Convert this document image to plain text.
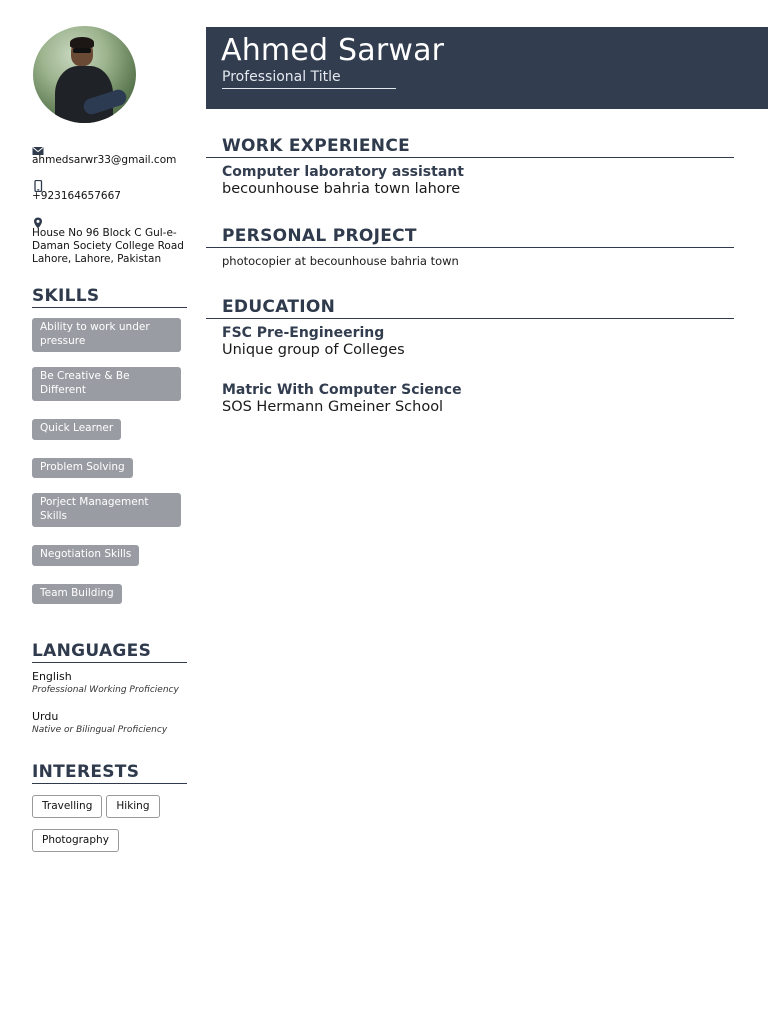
Ahmed Sarwar
Professional Title
ahmedsarwr33@gmail.com
+923164657667
House No 96 Block C Gul-e-Daman Society College Road Lahore, Lahore, Pakistan
SKILLS
Ability to work under pressure
Be Creative & Be Different
Quick Learner
Problem Solving
Porject Management Skills
Negotiation Skills
Team Building
LANGUAGES
English
Professional Working Proficiency
Urdu
Native or Bilingual Proficiency
INTERESTS
Travelling Hiking
Photography
WORK EXPERIENCE
Computer laboratory assistant
becounhouse bahria town lahore
PERSONAL PROJECT
photocopier at becounhouse bahria town
EDUCATION
FSC Pre-Engineering
Unique group of Colleges
Matric With Computer Science
SOS Hermann Gmeiner School
